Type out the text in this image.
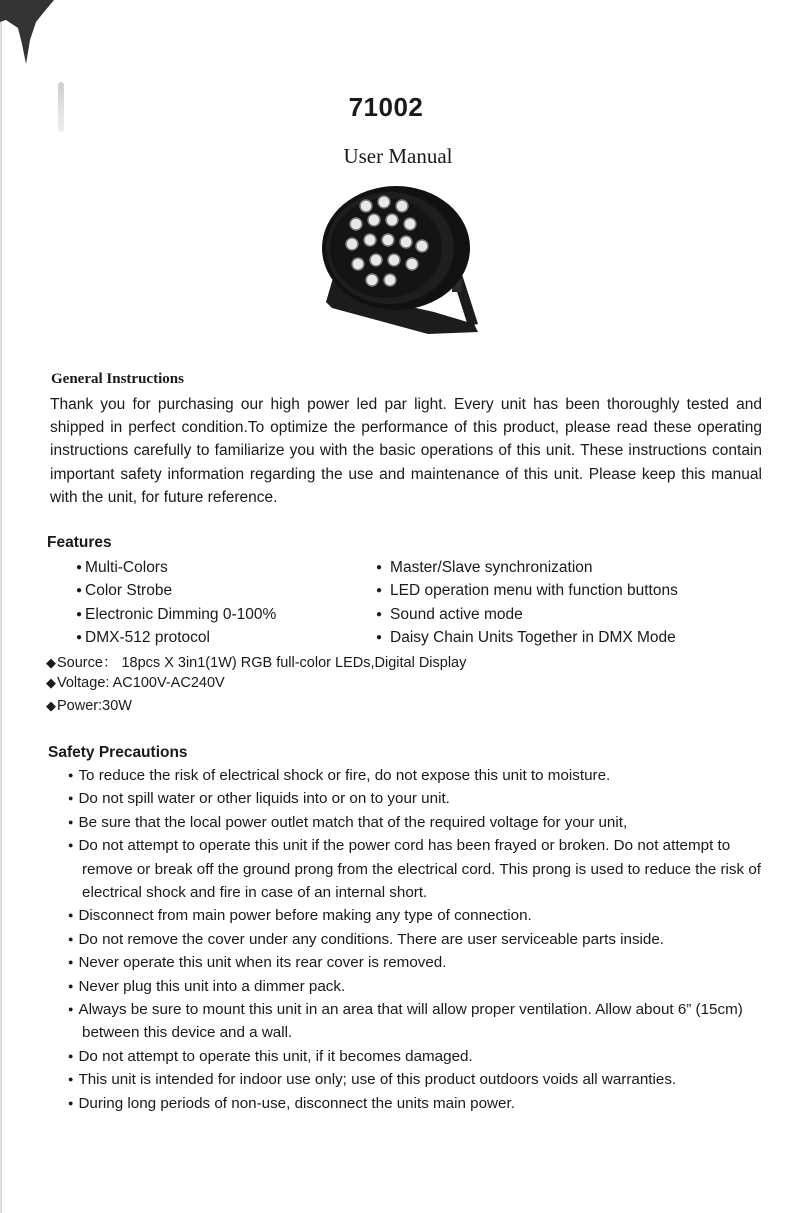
71002
User Manual
General Instructions
Thank you for purchasing our high power led par light. Every unit has been thoroughly tested and shipped in perfect condition.To optimize the performance of this product, please read these operating instructions carefully to familiarize you with the basic operations of this unit. These instructions contain important safety information regarding the use and maintenance of this unit. Please keep this manual with the unit, for future reference.
Features
● Multi-Colors
● Color Strobe
● Electronic Dimming 0-100%
● DMX-512 protocol
● Master/Slave synchronization
● LED operation menu with function buttons
● Sound active mode
● Daisy Chain Units Together in DMX Mode
◆ Source： 18pcs X 3in1(1W) RGB full-color LEDs,Digital Display
◆ Voltage: AC100V-AC240V
◆ Power:30W
Safety Precautions
● To reduce the risk of electrical shock or fire, do not expose this unit to moisture.
● Do not spill water or other liquids into or on to your unit.
● Be sure that the local power outlet match that of the required voltage for your unit,
● Do not attempt to operate this unit if the power cord has been frayed or broken. Do not attempt to remove or break off the ground prong from the electrical cord. This prong is used to reduce the risk of electrical shock and fire in case of an internal short.
● Disconnect from main power before making any type of connection.
● Do not remove the cover under any conditions. There are user serviceable parts inside.
● Never operate this unit when its rear cover is removed.
● Never plug this unit into a dimmer pack.
● Always be sure to mount this unit in an area that will allow proper ventilation. Allow about 6” (15cm) between this device and a wall.
● Do not attempt to operate this unit, if it becomes damaged.
● This unit is intended for indoor use only; use of this product outdoors voids all warranties.
● During long periods of non-use, disconnect the units main power.
